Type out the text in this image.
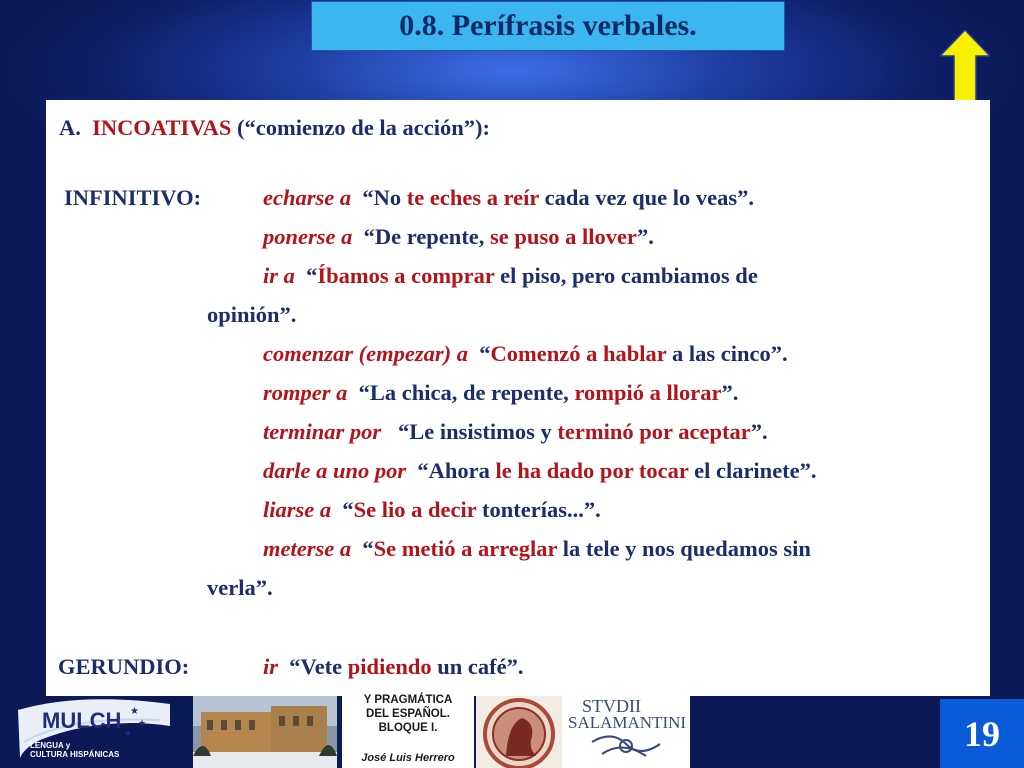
0.8. Perífrasis verbales.
A. INCOATIVAS (“comienzo de la acción”):
INFINITIVO:	echarse a “No te eches a reír cada vez que lo veas”.
ponerse a “De repente, se puso a llover”.
ir a “Íbamos a comprar el piso, pero cambiamos de
opinión”.
comenzar (empezar) a “Comenzó a hablar a las cinco”.
romper a “La chica, de repente, rompió a llorar”.
terminar por “Le insistimos y terminó por aceptar”.
darle a uno por “Ahora le ha dado por tocar el clarinete”.
liarse a “Se lio a decir tonterías...”.
meterse a “Se metió a arreglar la tele y nos quedamos sin
verla”.
GERUNDIO:	ir “Vete pidiendo un café”.
MULCH ★
★
★
LENGUA y
CULTURA HISPÁNICAS
Y PRAGMÁTICA
DEL ESPAÑOL.
BLOQUE I.
José Luis Herrero
STVDII
SALAMANTINI	19
